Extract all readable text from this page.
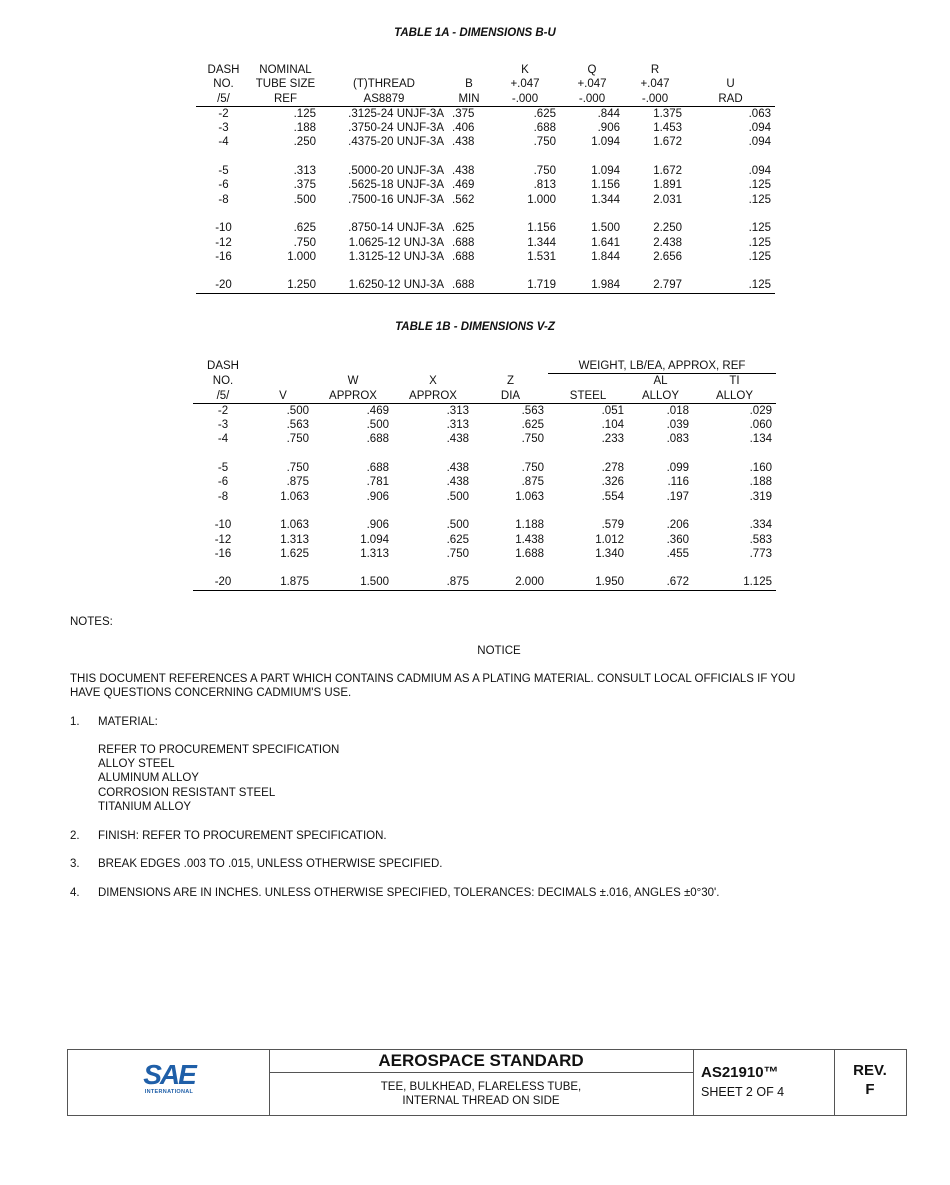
TABLE 1A - DIMENSIONS B-U
DASH	NOMINAL			K	Q	R	
NO.	TUBE SIZE	(T)THREAD	B	+.047	+.047	+.047	U
/5/	REF	AS8879	MIN	-.000	-.000	-.000	RAD
-2	.125	.3125-24 UNJF-3A	.375	.625	.844	1.375	.063
-3	.188	.3750-24 UNJF-3A	.406	.688	.906	1.453	.094
-4	.250	.4375-20 UNJF-3A	.438	.750	1.094	1.672	.094

-5	.313	.5000-20 UNJF-3A	.438	.750	1.094	1.672	.094
-6	.375	.5625-18 UNJF-3A	.469	.813	1.156	1.891	.125
-8	.500	.7500-16 UNJF-3A	.562	1.000	1.344	2.031	.125

-10	.625	.8750-14 UNJF-3A	.625	1.156	1.500	2.250	.125
-12	.750	1.0625-12 UNJ-3A	.688	1.344	1.641	2.438	.125
-16	1.000	1.3125-12 UNJ-3A	.688	1.531	1.844	2.656	.125

-20	1.250	1.6250-12 UNJ-3A	.688	1.719	1.984	2.797	.125
TABLE 1B - DIMENSIONS V-Z
DASH					WEIGHT, LB/EA, APPROX, REF		
NO.		W	X	Z		AL	TI
/5/	V	APPROX	APPROX	DIA	STEEL	ALLOY	ALLOY
-2	.500	.469	.313	.563	.051	.018	.029
-3	.563	.500	.313	.625	.104	.039	.060
-4	.750	.688	.438	.750	.233	.083	.134

-5	.750	.688	.438	.750	.278	.099	.160
-6	.875	.781	.438	.875	.326	.116	.188
-8	1.063	.906	.500	1.063	.554	.197	.319

-10	1.063	.906	.500	1.188	.579	.206	.334
-12	1.313	1.094	.625	1.438	1.012	.360	.583
-16	1.625	1.313	.750	1.688	1.340	.455	.773

-20	1.875	1.500	.875	2.000	1.950	.672	1.125
NOTES:
NOTICE
THIS DOCUMENT REFERENCES A PART WHICH CONTAINS CADMIUM AS A PLATING MATERIAL. CONSULT LOCAL OFFICIALS IF YOU
HAVE QUESTIONS CONCERNING CADMIUM'S USE.
1. MATERIAL:
REFER TO PROCUREMENT SPECIFICATION
ALLOY STEEL
ALUMINUM ALLOY
CORROSION RESISTANT STEEL
TITANIUM ALLOY
2. FINISH: REFER TO PROCUREMENT SPECIFICATION.
3. BREAK EDGES .003 TO .015, UNLESS OTHERWISE SPECIFIED.
4. DIMENSIONS ARE IN INCHES. UNLESS OTHERWISE SPECIFIED, TOLERANCES: DECIMALS ±.016, ANGLES ±0°30'.
SAE
INTERNATIONAL
AEROSPACE STANDARD
TEE, BULKHEAD, FLARELESS TUBE,
INTERNAL THREAD ON SIDE
AS21910™
SHEET 2 OF 4
REV.
F
